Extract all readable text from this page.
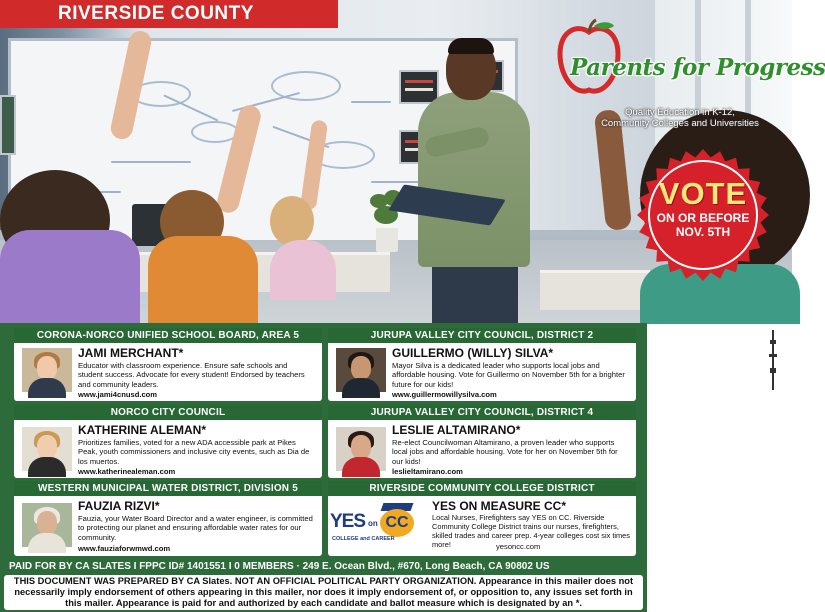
RIVERSIDE COUNTY
Parents for Progress
Quality Education in K-12,
Community Colleges and Universities
VOTE
ON OR BEFORE
NOV. 5TH
CORONA-NORCO UNIFIED SCHOOL BOARD, AREA 5
JAMI MERCHANT*
Educator with classroom experience. Ensure safe schools and student success. Advocate for every student! Endorsed by teachers and community leaders.
www.jami4cnusd.com
JURUPA VALLEY CITY COUNCIL, DISTRICT 2
GUILLERMO (WILLY) SILVA*
Mayor Silva is a dedicated leader who supports local jobs and affordable housing. Vote for Guillermo on November 5th for a brighter future for our kids!
www.guillermowillysilva.com
NORCO CITY COUNCIL
KATHERINE ALEMAN*
Prioritizes families, voted for a new ADA accessible park at Pikes Peak, youth commissioners and inclusive city events, such as Dia de los muertos.
www.katherinealeman.com
JURUPA VALLEY CITY COUNCIL, DISTRICT 4
LESLIE ALTAMIRANO*
Re-elect Councilwoman Altamirano, a proven leader who supports local jobs and affordable housing. Vote for her on November 5th for our kids!
leslieltamirano.com
WESTERN MUNICIPAL WATER DISTRICT, DIVISION 5
FAUZIA RIZVI*
Fauzia, your Water Board Director and a water engineer, is committed to protecting our planet and ensuring affordable water rates for our community.
www.fauziaforwmwd.com
RIVERSIDE COMMUNITY COLLEGE DISTRICT
YES on CC
COLLEGE and CAREER
YES ON MEASURE CC*
Local Nurses, Firefighters say YES on CC. Riverside Community College District trains our nurses, firefighters, skilled trades and career prep. 4-year colleges cost six times more!	yesoncc.com
PAID FOR BY CA SLATES I FPPC ID# 1401551 I 0 MEMBERS · 249 E. Ocean Blvd., #670, Long Beach, CA 90802 US
THIS DOCUMENT WAS PREPARED BY CA Slates. NOT AN OFFICIAL POLITICAL PARTY ORGANIZATION. Appearance in this mailer does not necessarily imply endorsement of others appearing in this mailer, nor does it imply endorsement of, or opposition to, any issues set forth in this mailer. Appearance is paid for and authorized by each candidate and ballot measure which is designated by an *.
